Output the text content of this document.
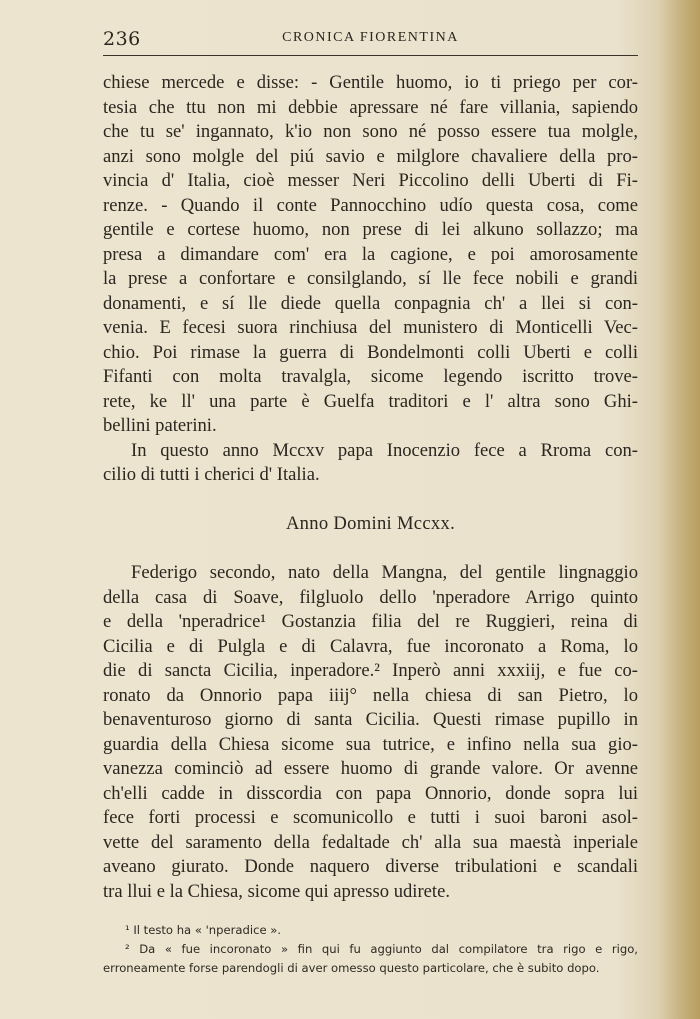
236	CRONICA FIORENTINA
chiese mercede e disse: - Gentile huomo, io ti priego per cor-
tesia che ttu non mi debbie apressare né fare villania, sapiendo
che tu se' ingannato, k'io non sono né posso essere tua molgle,
anzi sono molgle del piú savio e milglore chavaliere della pro-
vincia d' Italia, cioè messer Neri Piccolino delli Uberti di Fi-
renze. - Quando il conte Pannocchino udío questa cosa, come
gentile e cortese huomo, non prese di lei alkuno sollazzo; ma
presa a dimandare com' era la cagione, e poi amorosamente
la prese a confortare e consilglando, sí lle fece nobili e grandi
donamenti, e sí lle diede quella conpagnia ch' a llei si con-
venia. E fecesi suora rinchiusa del munistero di Monticelli Vec-
chio. Poi rimase la guerra di Bondelmonti colli Uberti e colli
Fifanti con molta travalgla, sicome legendo iscritto trove-
rete, ke ll' una parte è Guelfa traditori e l' altra sono Ghi-
bellini paterini.
In questo anno Mccxv papa Inocenzio fece a Rroma con-
cilio di tutti i cherici d' Italia.
Anno Domini Mccxx.
Federigo secondo, nato della Mangna, del gentile lingnaggio
della casa di Soave, filgluolo dello 'nperadore Arrigo quinto
e della 'nperadrice¹ Gostanzia filia del re Ruggieri, reina di
Cicilia e di Pulgla e di Calavra, fue incoronato a Roma, lo
die di sancta Cicilia, inperadore.² Inperò anni xxxiij, e fue co-
ronato da Onnorio papa iiij° nella chiesa di san Pietro, lo
benaventuroso giorno di santa Cicilia. Questi rimase pupillo in
guardia della Chiesa sicome sua tutrice, e infino nella sua gio-
vanezza cominciò ad essere huomo di grande valore. Or avenne
ch'elli cadde in disscordia con papa Onnorio, donde sopra lui
fece forti processi e scomunicollo e tutti i suoi baroni asol-
vette del saramento della fedaltade ch' alla sua maestà inperiale
aveano giurato. Donde naquero diverse tribulationi e scandali
tra llui e la Chiesa, sicome qui apresso udirete.
¹ Il testo ha « 'nperadice ».
² Da « fue incoronato » fin qui fu aggiunto dal compilatore tra rigo e rigo,
erroneamente forse parendogli di aver omesso questo particolare, che è subito dopo.
